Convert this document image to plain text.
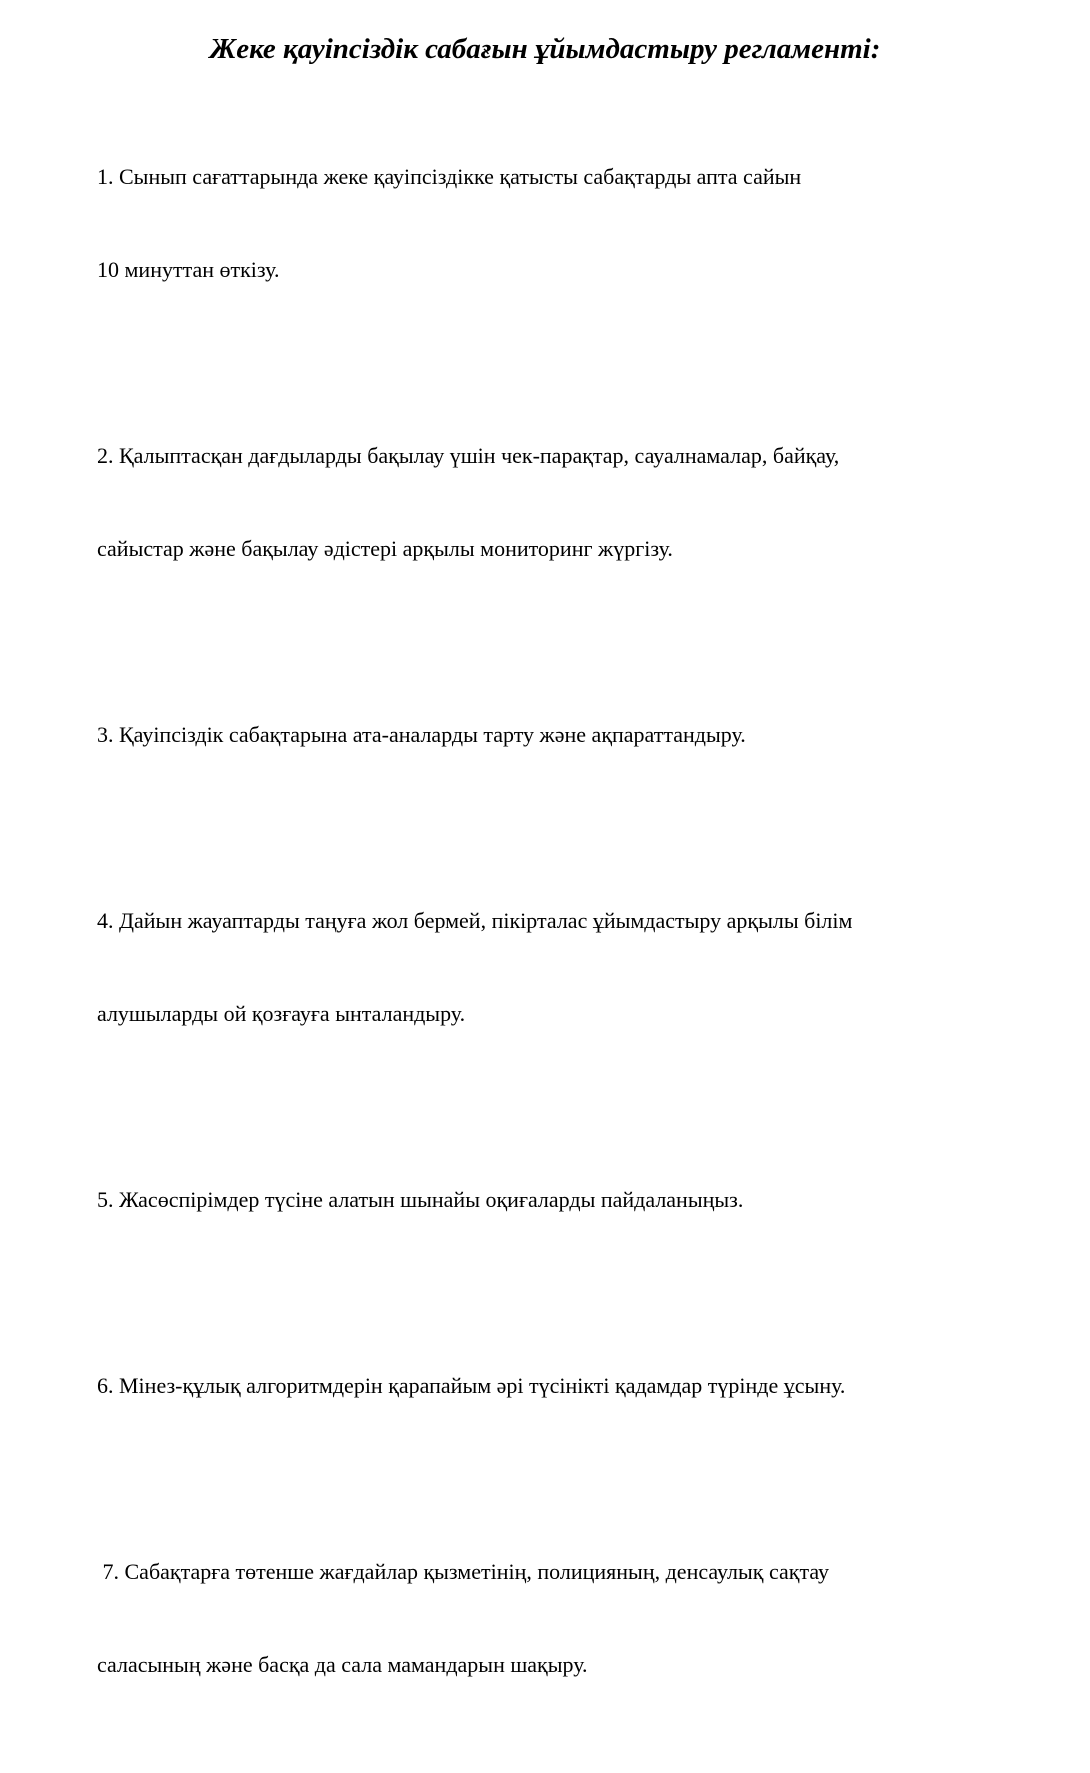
Жеке қауіпсіздік сабағын ұйымдастыру регламенті:

1. Сынып сағаттарында жеке қауіпсіздікке қатысты сабақтарды апта сайын

10 минуттан өткізу.

2. Қалыптасқан дағдыларды бақылау үшін чек-парақтар, сауалнамалар, байқау,

сайыстар және бақылау әдістері арқылы мониторинг жүргізу.

3. Қауіпсіздік сабақтарына ата-аналарды тарту және ақпараттандыру.

4. Дайын жауаптарды таңуға жол бермей, пікірталас ұйымдастыру арқылы білім

алушыларды ой қозғауға ынталандыру.

5. Жасөспірімдер түсіне алатын шынайы оқиғаларды пайдаланыңыз.

6. Мінез-құлық алгоритмдерін қарапайым әрі түсінікті қадамдар түрінде ұсыну.

7. Сабақтарға төтенше жағдайлар қызметінің, полицияның, денсаулық сақтау

саласының және басқа да сала мамандарын шақыру.
